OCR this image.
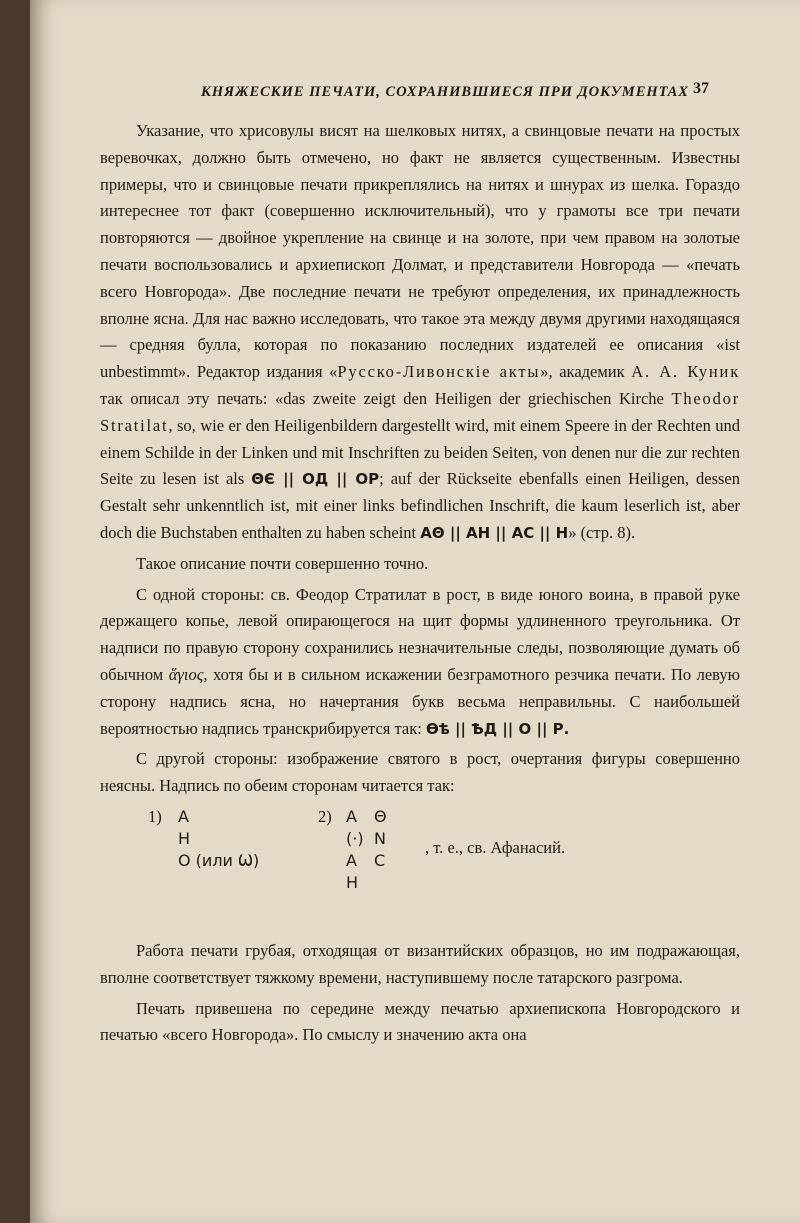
КНЯЖЕСКИЕ ПЕЧАТИ, СОХРАНИВШИЕСЯ ПРИ ДОКУМЕНТАХ 37

Указание, что хрисовулы висят на шелковых нитях, а свинцовые печати на простых веревочках, должно быть отмечено, но факт не является существенным. Известны примеры, что и свинцовые печати прикреплялись на нитях и шнурах из шелка. Гораздо интереснее тот факт (совершенно исключительный), что у грамоты все три печати повторяются — двойное укрепление на свинце и на золоте, при чем правом на золотые печати воспользовались и архиепископ Долмат, и представители Новгорода — «печать всего Новгорода». Две последние печати не требуют определения, их принадлежность вполне ясна. Для нас важно исследовать, что такое эта между двумя другими находящаяся — средняя булла, которая по показанию последних издателей ее описания «ist unbestimmt». Редактор издания «Русско-Ливонскіе акты», академик А. А. Куник так описал эту печать: «das zweite zeigt den Heiligen der griechischen Kirche Theodor Stratilat, so, wie er den Heiligenbildern dargestellt wird, mit einem Speere in der Rechten und einem Schilde in der Linken und mit Inschriften zu beiden Seiten, von denen nur die zur rechten Seite zu lesen ist als ΘЄ || ОД || ОР; auf der Rückseite ebenfalls einen Heiligen, dessen Gestalt sehr unkenntlich ist, mit einer links befindlichen Inschrift, die kaum leserlich ist, aber doch die Buchstaben enthalten zu haben scheint АΘ || АН || АС || Н» (стр. 8).

Такое описание почти совершенно точно.

С одной стороны: св. Феодор Стратилат в рост, в виде юного воина, в правой руке держащего копье, левой опирающегося на щит формы удлиненного треугольника. От надписи по правую сторону сохранились незначительные следы, позволяющие думать об обычном ἅγιος, хотя бы и в сильном искажении безграмотного резчика печати. По левую сторону надпись ясна, но начертания букв весьма неправильны. С наибольшей вероятностью надпись транскрибируется так: Ѳѣ || ѢД || О || Р.

С другой стороны: изображение святого в рост, очертания фигуры совершенно неясны. Надпись по обеим сторонам читается так:

1) А
Н
О (или Ѡ)
2) А
(·)
А
Н
Θ
N
С
, т. е., св. Афанасий.

Работа печати грубая, отходящая от византийских образцов, но им подражающая, вполне соответствует тяжкому времени, наступившему после татарского разгрома.

Печать привешена по середине между печатью архиепископа Новгородского и печатью «всего Новгорода». По смыслу и значению акта она
